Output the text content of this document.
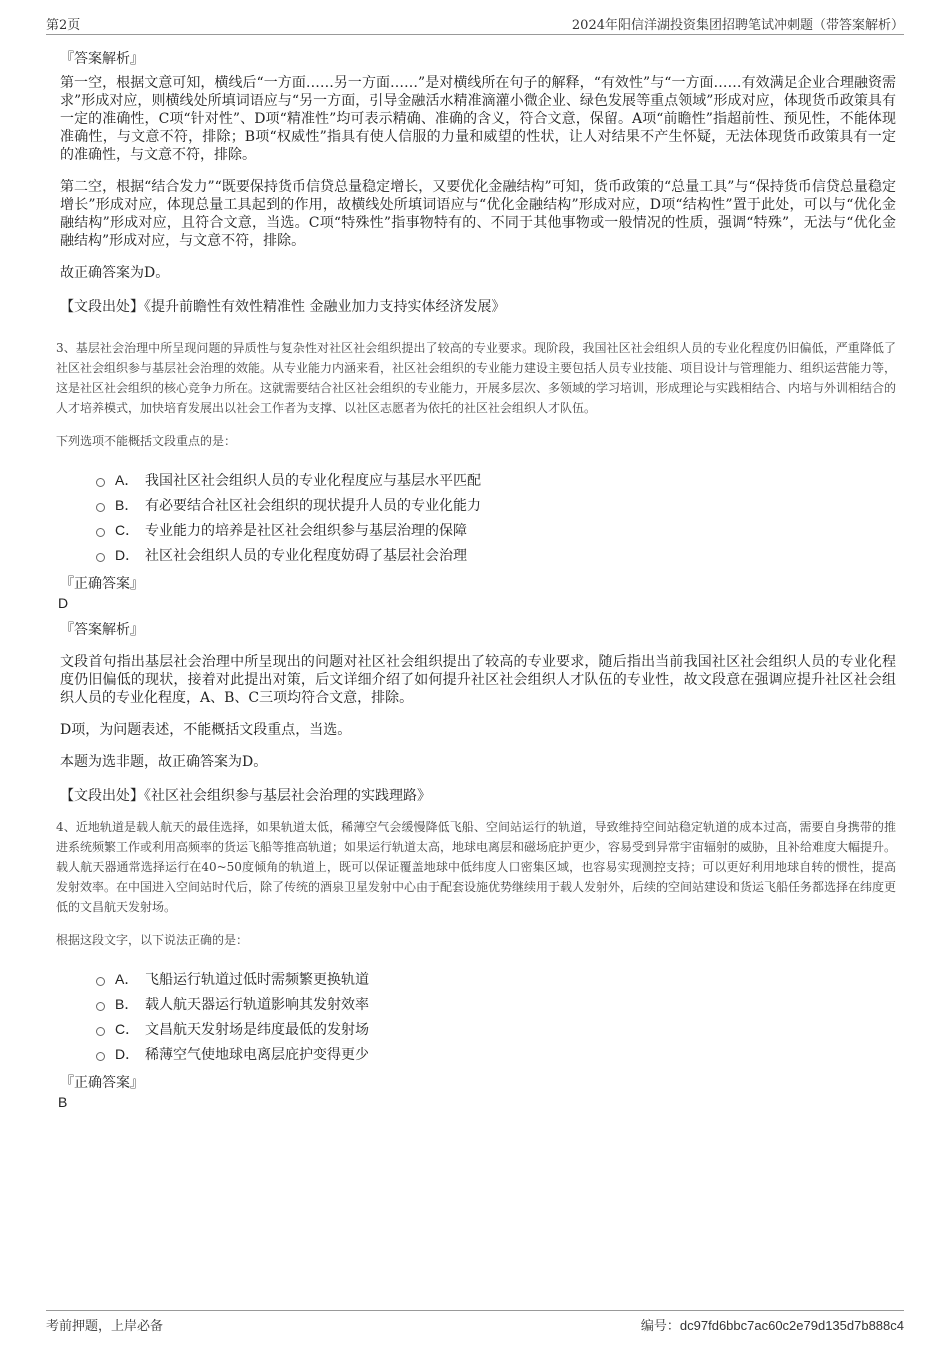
第2页	2024年阳信洋湖投资集团招聘笔试冲刺题（带答案解析）
『答案解析』

第一空，根据文意可知，横线后“一方面……另一方面……”是对横线所在句子的解释，“有效性”与“一方面……有效满足企业合理融资需求”形成对应，则横线处所填词语应与“另一方面，引导金融活水精准滴灌小微企业、绿色发展等重点领域”形成对应，体现货币政策具有一定的准确性，C项“针对性”、D项“精准性”均可表示精确、准确的含义，符合文意，保留。A项“前瞻性”指超前性、预见性，不能体现准确性，与文意不符，排除；B项“权威性”指具有使人信服的力量和威望的性状，让人对结果不产生怀疑，无法体现货币政策具有一定的准确性，与文意不符，排除。

第二空，根据“结合发力”“既要保持货币信贷总量稳定增长，又要优化金融结构”可知，货币政策的“总量工具”与“保持货币信贷总量稳定增长”形成对应，体现总量工具起到的作用，故横线处所填词语应与“优化金融结构”形成对应，D项“结构性”置于此处，可以与“优化金融结构”形成对应，且符合文意，当选。C项“特殊性”指事物特有的、不同于其他事物或一般情况的性质，强调“特殊”，无法与“优化金融结构”形成对应，与文意不符，排除。

故正确答案为D。

【文段出处】《提升前瞻性有效性精准性 金融业加力支持实体经济发展》

3、基层社会治理中所呈现问题的异质性与复杂性对社区社会组织提出了较高的专业要求。现阶段，我国社区社会组织人员的专业化程度仍旧偏低，严重降低了社区社会组织参与基层社会治理的效能。从专业能力内涵来看，社区社会组织的专业能力建设主要包括人员专业技能、项目设计与管理能力、组织运营能力等，这是社区社会组织的核心竞争力所在。这就需要结合社区社会组织的专业能力，开展多层次、多领域的学习培训，形成理论与实践相结合、内培与外训相结合的人才培养模式，加快培育发展出以社会工作者为支撑、以社区志愿者为依托的社区社会组织人才队伍。

下列选项不能概括文段重点的是：
A． 我国社区社会组织人员的专业化程度应与基层水平匹配
B． 有必要结合社区社会组织的现状提升人员的专业化能力
C． 专业能力的培养是社区社会组织参与基层治理的保障
D． 社区社会组织人员的专业化程度妨碍了基层社会治理
『正确答案』
D
『答案解析』

文段首句指出基层社会治理中所呈现出的问题对社区社会组织提出了较高的专业要求，随后指出当前我国社区社会组织人员的专业化程度仍旧偏低的现状，接着对此提出对策，后文详细介绍了如何提升社区社会组织人才队伍的专业性，故文段意在强调应提升社区社会组织人员的专业化程度，A、B、C三项均符合文意，排除。

D项，为问题表述，不能概括文段重点，当选。

本题为选非题，故正确答案为D。

【文段出处】《社区社会组织参与基层社会治理的实践理路》

4、近地轨道是载人航天的最佳选择，如果轨道太低，稀薄空气会缓慢降低飞船、空间站运行的轨道，导致维持空间站稳定轨道的成本过高，需要自身携带的推进系统频繁工作或利用高频率的货运飞船等推高轨道；如果运行轨道太高，地球电离层和磁场庇护更少，容易受到异常宇宙辐射的威胁，且补给难度大幅提升。载人航天器通常选择运行在40~50度倾角的轨道上，既可以保证覆盖地球中低纬度人口密集区域，也容易实现测控支持；可以更好利用地球自转的惯性，提高发射效率。在中国进入空间站时代后，除了传统的酒泉卫星发射中心由于配套设施优势继续用于载人发射外，后续的空间站建设和货运飞船任务都选择在纬度更低的文昌航天发射场。

根据这段文字，以下说法正确的是：
A． 飞船运行轨道过低时需频繁更换轨道
B． 载人航天器运行轨道影响其发射效率
C． 文昌航天发射场是纬度最低的发射场
D． 稀薄空气使地球电离层庇护变得更少
『正确答案』
B
考前押题，上岸必备	编号：dc97fd6bbc7ac60c2e79d135d7b888c4
